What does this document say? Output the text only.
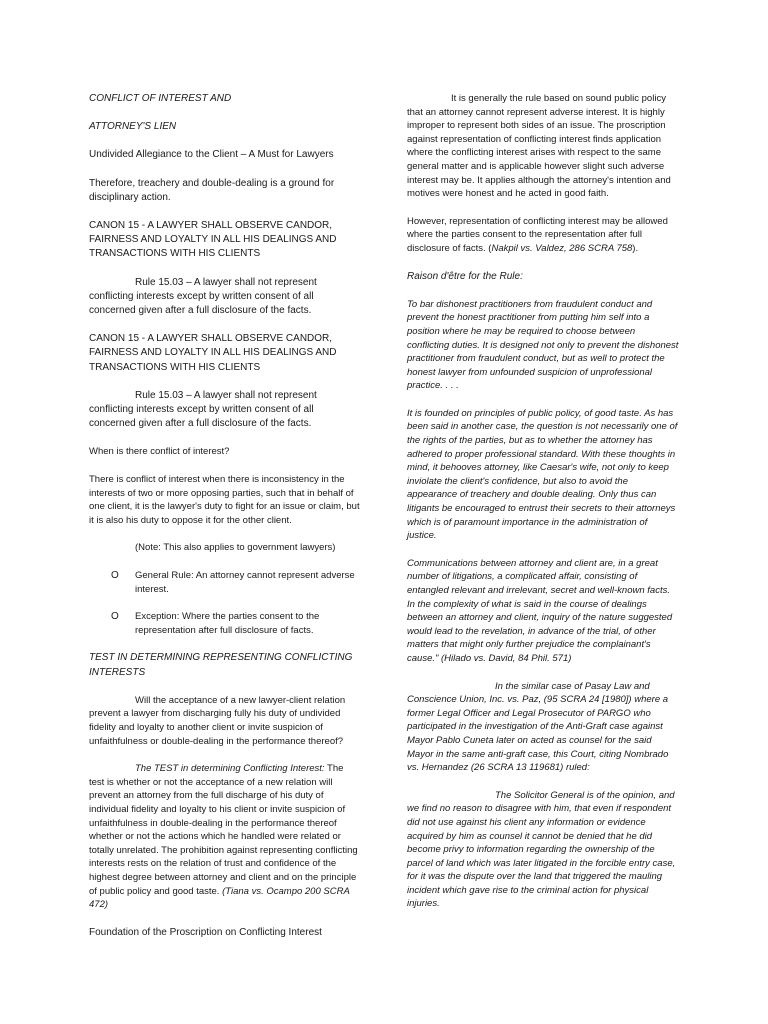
CONFLICT OF INTEREST AND

ATTORNEY'S LIEN

Undivided Allegiance to the Client – A Must for Lawyers

Therefore, treachery and double-dealing is a ground for disciplinary action.

CANON 15 - A LAWYER SHALL OBSERVE CANDOR, FAIRNESS AND LOYALTY IN ALL HIS DEALINGS AND TRANSACTIONS WITH HIS CLIENTS

Rule 15.03 – A lawyer shall not represent conflicting interests except by written consent of all concerned given after a full disclosure of the facts.

CANON 15 - A LAWYER SHALL OBSERVE CANDOR, FAIRNESS AND LOYALTY IN ALL HIS DEALINGS AND TRANSACTIONS WITH HIS CLIENTS

Rule 15.03 – A lawyer shall not represent conflicting interests except by written consent of all concerned given after a full disclosure of the facts.

When is there conflict of interest?

There is conflict of interest when there is inconsistency in the interests of two or more opposing parties, such that in behalf of one client, it is the lawyer's duty to fight for an issue or claim, but it is also his duty to oppose it for the other client.

(Note: This also applies to government lawyers)

O General Rule: An attorney cannot represent adverse interest.
O Exception: Where the parties consent to the representation after full disclosure of facts.

TEST IN DETERMINING REPRESENTING CONFLICTING INTERESTS

Will the acceptance of a new lawyer-client relation prevent a lawyer from discharging fully his duty of undivided fidelity and loyalty to another client or invite suspicion of unfaithfulness or double-dealing in the performance thereof?

The TEST in determining Conflicting Interest: The test is whether or not the acceptance of a new relation will prevent an attorney from the full discharge of his duty of individual fidelity and loyalty to his client or invite suspicion of unfaithfulness in double-dealing in the performance thereof whether or not the actions which he handled were related or totally unrelated. The prohibition against representing conflicting interests rests on the relation of trust and confidence of the highest degree between attorney and client and on the principle of public policy and good taste. (Tiana vs. Ocampo 200 SCRA 472)

Foundation of the Proscription on Conflicting Interest

It is generally the rule based on sound public policy that an attorney cannot represent adverse interest. It is highly improper to represent both sides of an issue. The proscription against representation of conflicting interest finds application where the conflicting interest arises with respect to the same general matter and is applicable however slight such adverse interest may be. It applies although the attorney's intention and motives were honest and he acted in good faith.

However, representation of conflicting interest may be allowed where the parties consent to the representation after full disclosure of facts. (Nakpil vs. Valdez, 286 SCRA 758).

Raison d'être for the Rule:

To bar dishonest practitioners from fraudulent conduct and prevent the honest practitioner from putting him self into a position where he may be required to choose between conflicting duties. It is designed not only to prevent the dishonest practitioner from fraudulent conduct, but as well to protect the honest lawyer from unfounded suspicion of unprofessional practice. . . .

It is founded on principles of public policy, of good taste. As has been said in another case, the question is not necessarily one of the rights of the parties, but as to whether the attorney has adhered to proper professional standard. With these thoughts in mind, it behooves attorney, like Caesar's wife, not only to keep inviolate the client's confidence, but also to avoid the appearance of treachery and double dealing. Only thus can litigants be encouraged to entrust their secrets to their attorneys which is of paramount importance in the administration of justice.

Communications between attorney and client are, in a great number of litigations, a complicated affair, consisting of entangled relevant and irrelevant, secret and well-known facts. In the complexity of what is said in the course of dealings between an attorney and client, inquiry of the nature suggested would lead to the revelation, in advance of the trial, of other matters that might only further prejudice the complainant's cause." (Hilado vs. David, 84 Phil. 571)

In the similar case of Pasay Law and Conscience Union, Inc. vs. Paz, (95 SCRA 24 [1980]) where a former Legal Officer and Legal Prosecutor of PARGO who participated in the investigation of the Anti-Graft case against Mayor Pablo Cuneta later on acted as counsel for the said Mayor in the same anti-graft case, this Court, citing Nombrado vs. Hernandez (26 SCRA 13 119681) ruled:

The Solicitor General is of the opinion, and we find no reason to disagree with him, that even if respondent did not use against his client any information or evidence acquired by him as counsel it cannot be denied that he did become privy to information regarding the ownership of the parcel of land which was later litigated in the forcible entry case, for it was the dispute over the land that triggered the mauling incident which gave rise to the criminal action for physical injuries.
